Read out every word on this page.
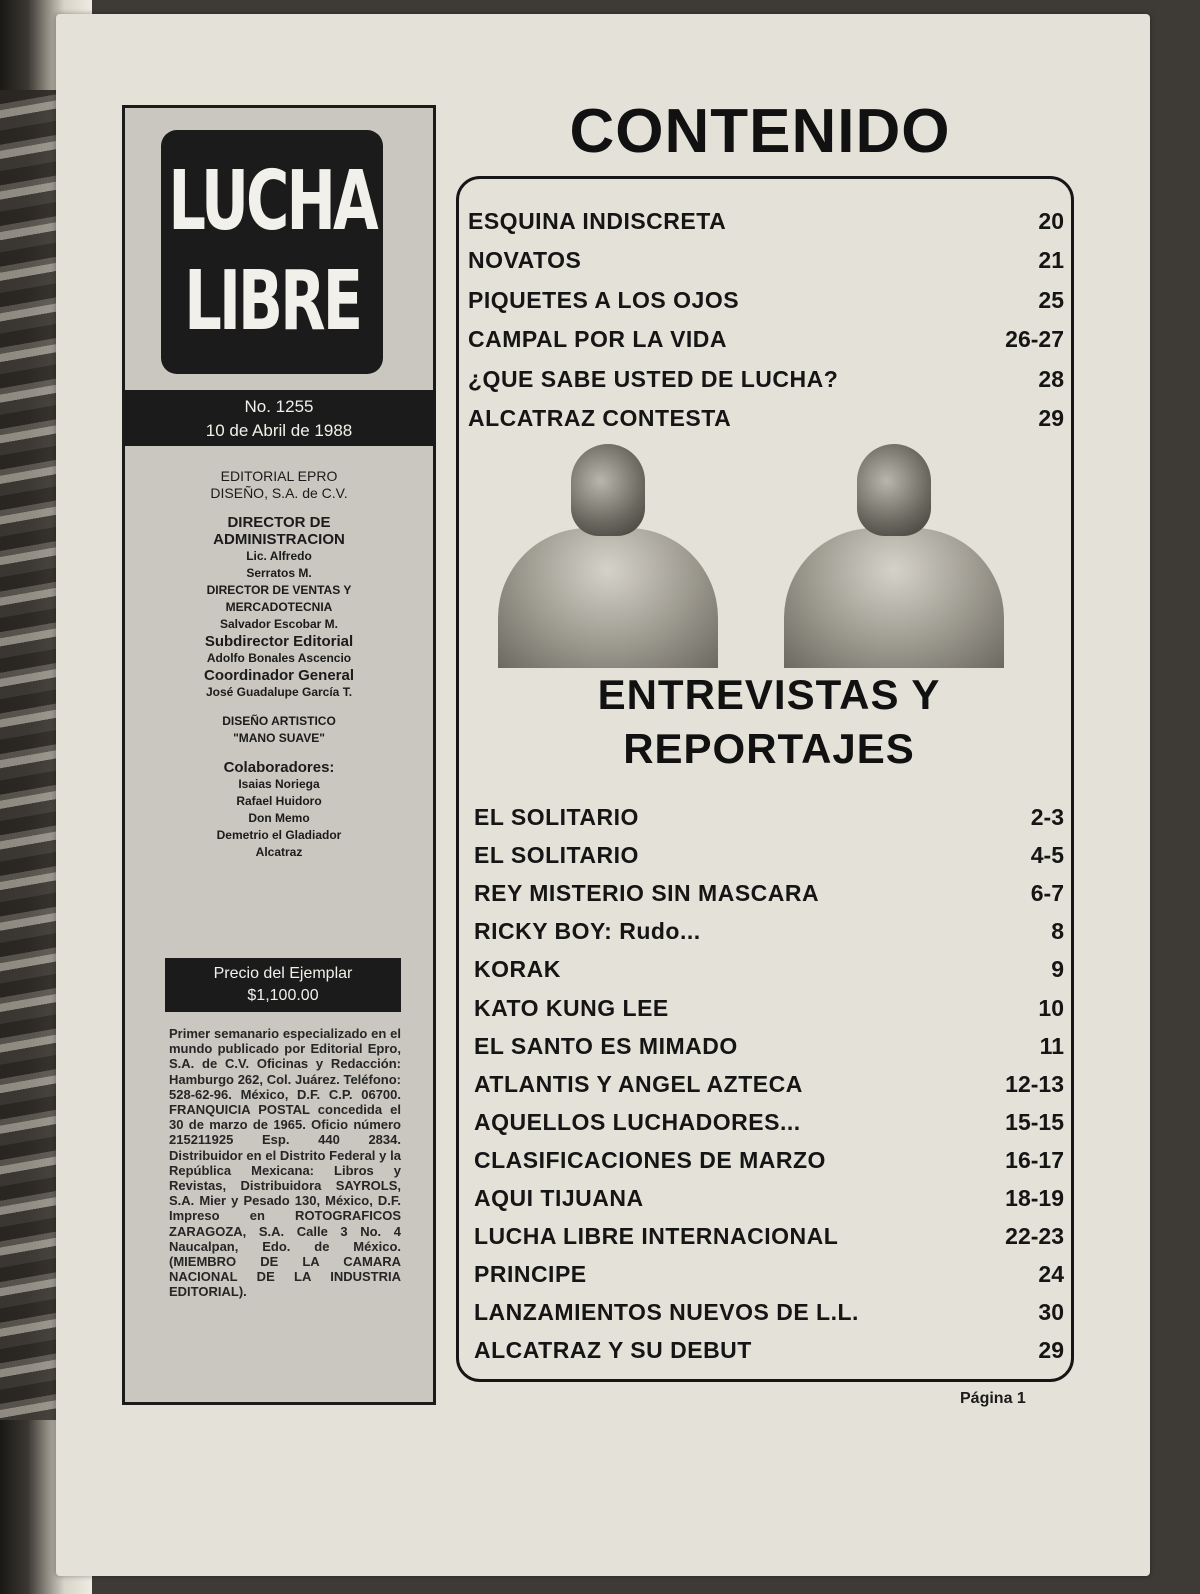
LUCHA
LIBRE
No. 1255
10 de Abril de 1988

EDITORIAL EPRO

DISEÑO, S.A. de C.V.

DIRECTOR DE

ADMINISTRACION

Lic. Alfredo

Serratos M.

DIRECTOR DE VENTAS Y

MERCADOTECNIA

Salvador Escobar M.

Subdirector Editorial

Adolfo Bonales Ascencio

Coordinador General

José Guadalupe García T.

DISEÑO ARTISTICO

"MANO SUAVE"

Colaboradores:

Isaias Noriega

Rafael Huidoro

Don Memo

Demetrio el Gladiador

Alcatraz

Precio del Ejemplar
$1,100.00
Primer semanario especializado en el mundo publicado por Editorial Epro, S.A. de C.V. Oficinas y Redacción: Hamburgo 262, Col. Juárez. Teléfono: 528-62-96. México, D.F. C.P. 06700. FRANQUICIA POSTAL concedida el 30 de marzo de 1965. Oficio número 215211925 Esp. 440 2834. Distribuidor en el Distrito Federal y la República Mexicana: Libros y Revistas, Distribuidora SAYROLS, S.A. Mier y Pesado 130, México, D.F. Impreso en ROTOGRAFICOS ZARAGOZA, S.A. Calle 3 No. 4 Naucalpan, Edo. de México. (MIEMBRO DE LA CAMARA NACIONAL DE LA INDUSTRIA EDITORIAL).
CONTENIDO
ESQUINA INDISCRETA	20
NOVATOS	21
PIQUETES A LOS OJOS	25
CAMPAL POR LA VIDA	26-27
¿QUE SABE USTED DE LUCHA?	28
ALCATRAZ CONTESTA	29
ENTREVISTAS Y
REPORTAJES
EL SOLITARIO	2-3
EL SOLITARIO	4-5
REY MISTERIO SIN MASCARA	6-7
RICKY BOY: Rudo...	8
KORAK	9
KATO KUNG LEE	10
EL SANTO ES MIMADO	11
ATLANTIS Y ANGEL AZTECA	12-13
AQUELLOS LUCHADORES...	15-15
CLASIFICACIONES DE MARZO	16-17
AQUI TIJUANA	18-19
LUCHA LIBRE INTERNACIONAL	22-23
PRINCIPE	24
LANZAMIENTOS NUEVOS DE L.L.	30
ALCATRAZ Y SU DEBUT	29
Página 1
